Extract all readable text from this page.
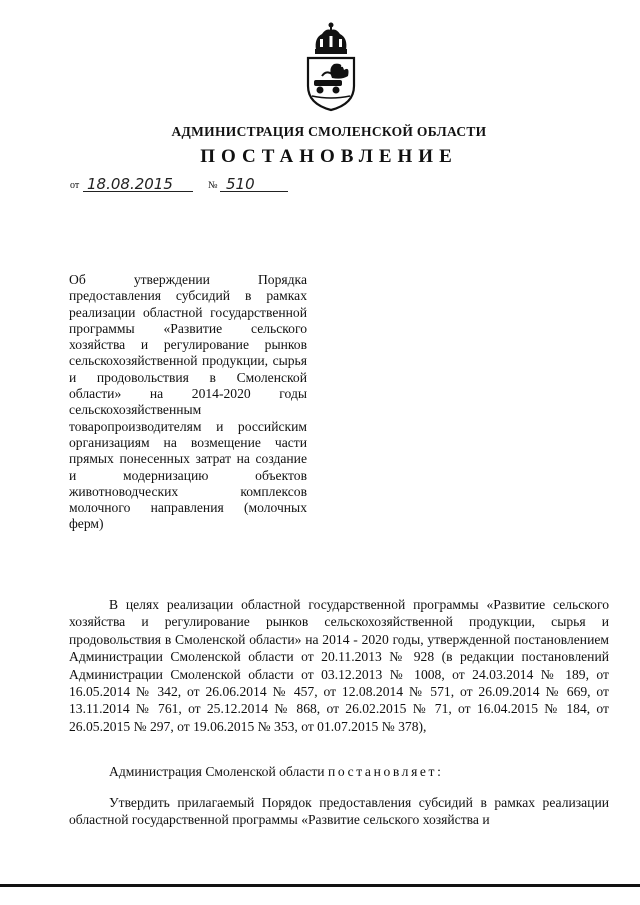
АДМИНИСТРАЦИЯ СМОЛЕНСКОЙ ОБЛАСТИ
ПОСТАНОВЛЕНИЕ
от 18.08.2015	№ 510
Об утверждении Порядка предоставления субсидий в рамках реализации областной государственной программы «Развитие сельского хозяйства и регулирование рынков сельскохозяйственной продукции, сырья и продовольствия в Смоленской области» на 2014-2020 годы сельскохозяйственным товаропроизводителям и российским организациям на возмещение части прямых понесенных затрат на создание и модернизацию объектов животноводческих комплексов молочного направления (молочных ферм)
В целях реализации областной государственной программы «Развитие сельского хозяйства и регулирование рынков сельскохозяйственной продукции, сырья и продовольствия в Смоленской области» на 2014 - 2020 годы, утвержденной постановлением Администрации Смоленской области от 20.11.2013 № 928 (в редакции постановлений Администрации Смоленской области от 03.12.2013 № 1008, от 24.03.2014 № 189, от 16.05.2014 № 342, от 26.06.2014 № 457, от 12.08.2014 № 571, от 26.09.2014 № 669, от 13.11.2014 № 761, от 25.12.2014 № 868, от 26.02.2015 № 71, от 16.04.2015 № 184, от 26.05.2015 № 297, от 19.06.2015 № 353, от 01.07.2015 № 378),
Администрация Смоленской области постановляет:
Утвердить прилагаемый Порядок предоставления субсидий в рамках реализации областной государственной программы «Развитие сельского хозяйства и
